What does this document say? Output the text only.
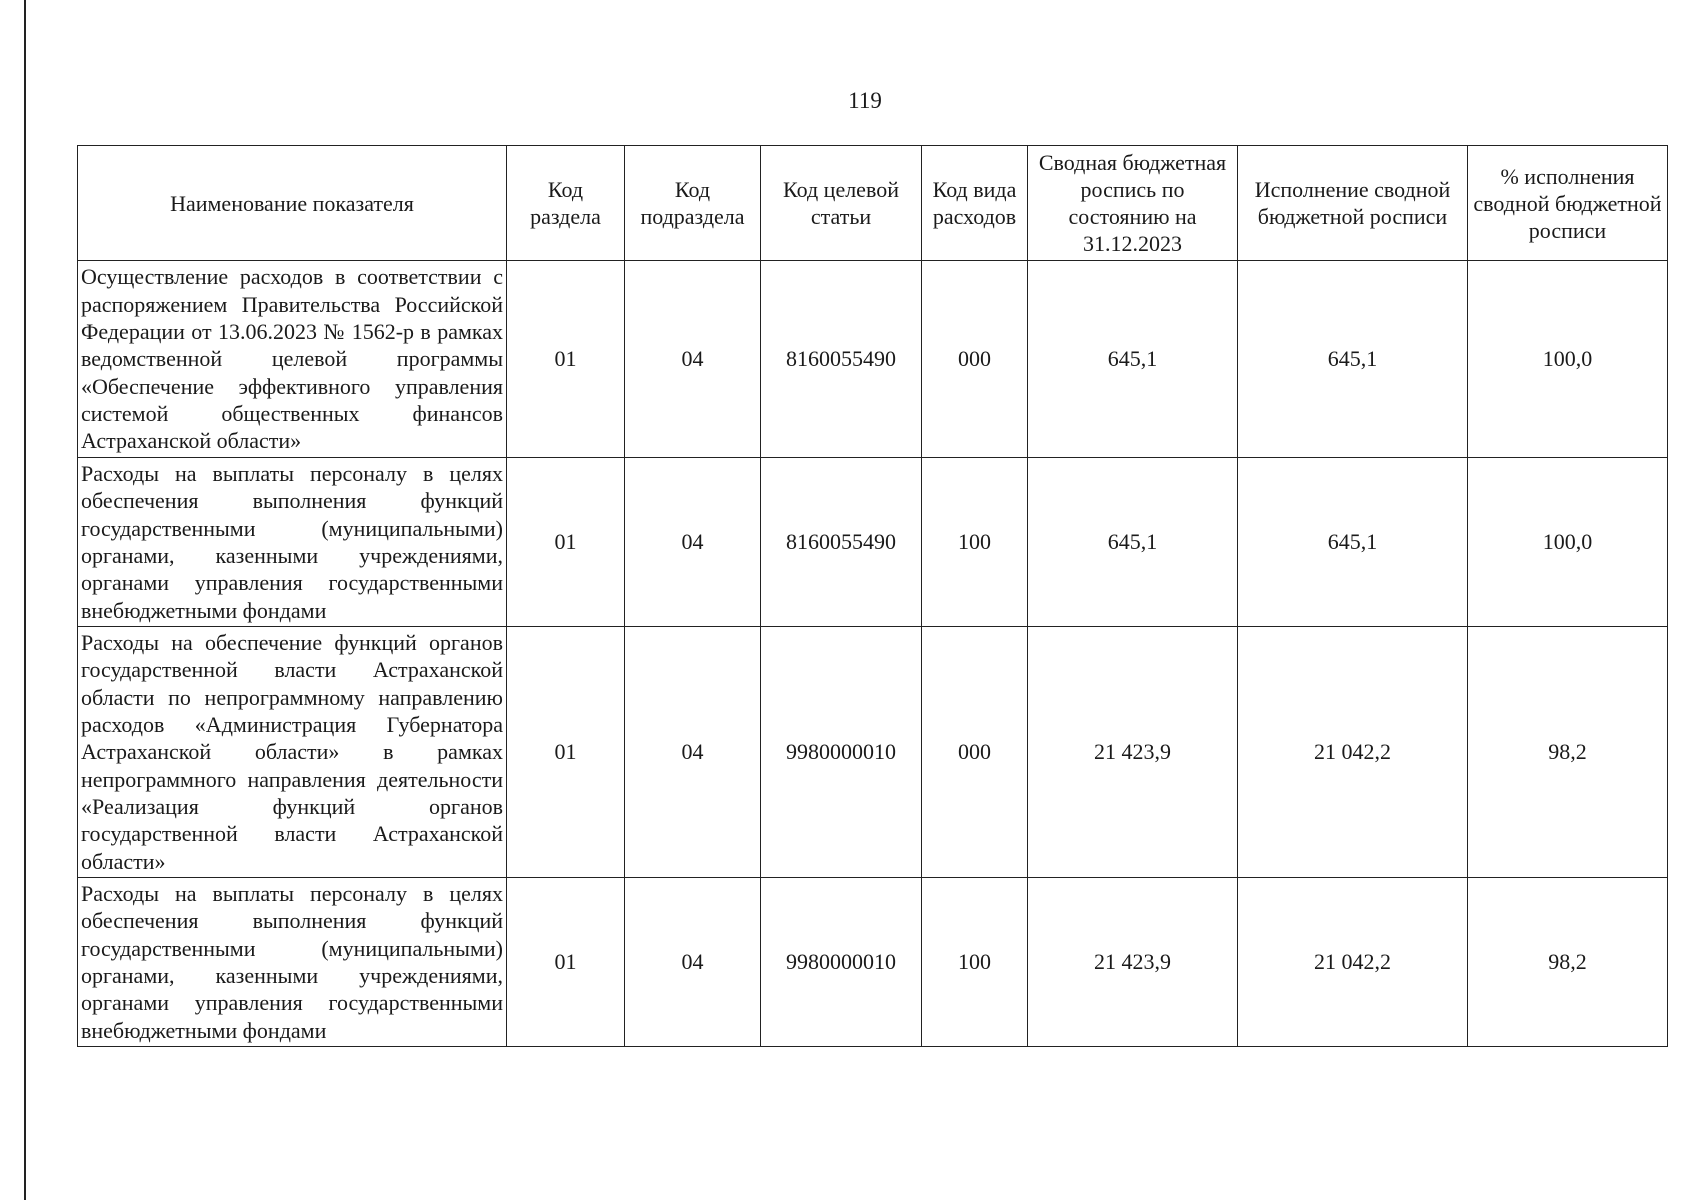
119
Наименование показателя	Код раздела	Код подраздела	Код целевой статьи	Код вида расходов	Сводная бюджетная роспись по состоянию на 31.12.2023	Исполнение сводной бюджетной росписи	% исполнения сводной бюджетной росписи
Осуществление расходов в соответствии с распоряжением Правительства Российской Федерации от 13.06.2023 № 1562-р в рамках ведомственной целевой программы «Обеспечение эффективного управления системой общественных финансов Астраханской области»	01	04	8160055490	000	645,1	645,1	100,0
Расходы на выплаты персоналу в целях обеспечения выполнения функций государственными (муниципальными) органами, казенными учреждениями, органами управления государственными внебюджетными фондами	01	04	8160055490	100	645,1	645,1	100,0
Расходы на обеспечение функций органов государственной власти Астраханской области по непрограммному направлению расходов «Администрация Губернатора Астраханской области» в рамках непрограммного направления деятельности «Реализация функций органов государственной власти Астраханской области»	01	04	9980000010	000	21 423,9	21 042,2	98,2
Расходы на выплаты персоналу в целях обеспечения выполнения функций государственными (муниципальными) органами, казенными учреждениями, органами управления государственными внебюджетными фондами	01	04	9980000010	100	21 423,9	21 042,2	98,2
